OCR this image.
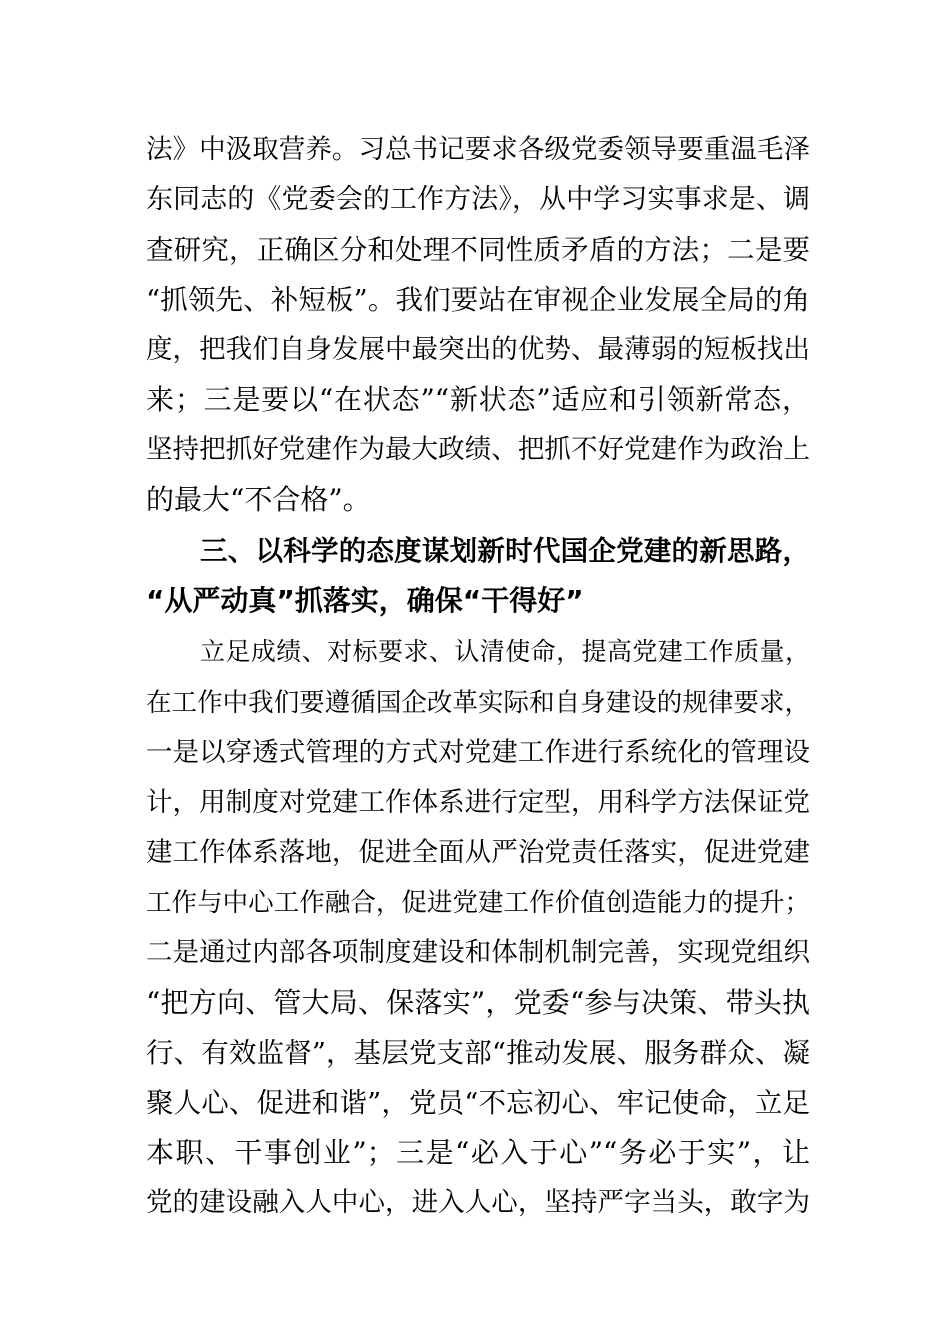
法》中汲取营养。习总书记要求各级党委领导要重温毛泽
东同志的《党委会的工作方法》，从中学习实事求是、调
查研究，正确区分和处理不同性质矛盾的方法；二是要
“抓领先、补短板”。我们要站在审视企业发展全局的角
度，把我们自身发展中最突出的优势、最薄弱的短板找出
来；三是要以“在状态”“新状态”适应和引领新常态，
坚持把抓好党建作为最大政绩、把抓不好党建作为政治上
的最大“不合格”。
三、以科学的态度谋划新时代国企党建的新思路，
“从严动真”抓落实，确保“干得好”
立足成绩、对标要求、认清使命，提高党建工作质量，
在工作中我们要遵循国企改革实际和自身建设的规律要求，
一是以穿透式管理的方式对党建工作进行系统化的管理设
计，用制度对党建工作体系进行定型，用科学方法保证党
建工作体系落地，促进全面从严治党责任落实，促进党建
工作与中心工作融合，促进党建工作价值创造能力的提升；
二是通过内部各项制度建设和体制机制完善，实现党组织
“把方向、管大局、保落实”，党委“参与决策、带头执
行、有效监督”，基层党支部“推动发展、服务群众、凝
聚人心、促进和谐”，党员“不忘初心、牢记使命，立足
本职、干事创业”；三是“必入于心”“务必于实”，让
党的建设融入人中心，进入人心，坚持严字当头，敢字为
